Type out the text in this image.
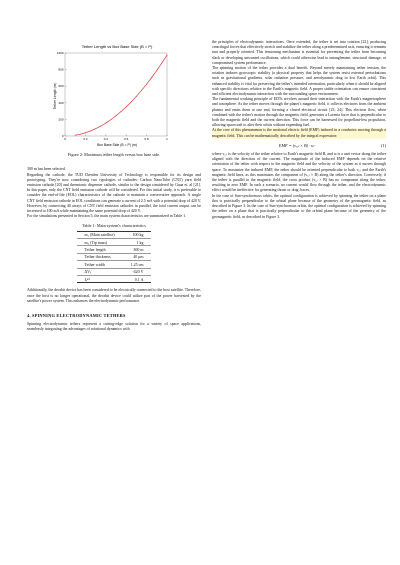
Tether Length vs Box Base Side (B = P)
Box Base Side (B = P) (m)
Tether Length (m)
0	0.2	0.4	0.6	0.8	1
0
200
400
600
800
1000
Figure 2: Maximum tether length versus box base side.

300 m has been selected.

Regarding the cathode, the TUD Dresden University of Technology is responsible for its design and prototyping. They're now considering two typologies of cathodes: Carbon NanoTube (CNT) yarn field emission cathode [20] and thermionic dispenser cathode, similar to the design considered by Gaua et. al [21]. In this paper, only the CNT field emission cathode will be considered. For this initial study, it is preferable to consider the end-of-life (EOL) characteristics of the cathode to maintain a conservative approach. A single CNT field emission cathode in EOL conditions can generate a current of 2.5 mA with a potential drop of 420 V. However, by connecting 40 arrays of CNT field emission cathodes in parallel, the total current output can be increased to 100 mA while maintaining the same potential drop of 420 V.

For the simulations presented in Section 5, the main system characteristics are summarized in Table 1.

Table 1: Main system's characteristics
m₁ (Main satellite)	100 kg
m₂ (Tip mass)	1 kg
Tether length	300 m
Tether thickness	40 μm
Tether width	1.25 cm
ΔVₜ	-420 V
Iₑᵐⁱᵗ	0.1 A

Additionally, the deorbit device has been considered to be electrically connected to the host satellite. Therefore, once the host is no longer operational, the deorbit device could utilize part of the power harvested by the satellite's power system. This enhances the electrodynamic performance.

4. SPINNING ELECTRODYNAMIC TETHERS

Spinning electrodynamic tethers represent a cutting-edge solution for a variety of space applications, seamlessly integrating the advantages of rotational dynamics with

the principles of electrodynamic interactions. Once extended, the tether is set into rotation [22], producing centrifugal forces that effectively stretch and stabilize the tether along a predetermined axis, ensuring it remains taut and properly oriented. This tensioning mechanism is essential for preventing the tether from becoming slack or developing unwanted oscillations, which could otherwise lead to entanglement, structural damage, or compromised system performance.

The spinning motion of the tether provides a dual benefit. Beyond merely maintaining tether tension, the rotation induces gyroscopic stability (a physical property that helps the system resist external perturbations such as gravitational gradients, solar radiation pressure, and aerodynamic drag in low Earth orbit). This enhanced stability is vital for preserving the tether's intended orientation, particularly when it should be aligned with specific directions relative to the Earth's magnetic field. A proper stable orientation can ensure consistent and efficient electrodynamic interaction with the surrounding space environment.

The fundamental working principle of EDTs revolves around their interaction with the Earth's magnetosphere and ionosphere. As the tether moves through the planet's magnetic field, it collects electrons from the ambient plasma and emits them at one end, forming a closed electrical circuit [23, 24]. This electron flow, when combined with the tether's motion through the magnetic field, generates a Lorentz force that is perpendicular to both the magnetic field and the current direction. This force can be harnessed for propellant-less propulsion, allowing spacecraft to alter their orbits without expending fuel.

At the core of this phenomenon is the motional electric field (EMF) induced in a conductor moving through a magnetic field. This can be mathematically described by the integral expression:

EMF = (vᵣₑₗ × B) · uₗ	(1)

where vᵣₑₗ is the velocity of the tether relative to Earth's magnetic field B, and uₗ is a unit vector along the tether aligned with the direction of the current. The magnitude of the induced EMF depends on the relative orientation of the tether with respect to the magnetic field and the velocity of the system as it moves through space. To maximize the induced EMF, the tether should be oriented perpendicular to both vᵣₑₗ and the Earth's magnetic field lines, as this maximizes the component of (vᵣₑₗ × B) along the tether's direction. Conversely, if the tether is parallel to the magnetic field, the cross product (vᵣₑₗ × B) has no component along the tether, resulting in zero EMF. In such a scenario, no current would flow through the tether, and the electrodynamic effect would be ineffective for generating thrust or drag forces.

In the case of Sun-synchronous orbits, the optimal configuration is achieved by spinning the tether on a plane that is practically perpendicular to the orbital plane because of the geometry of the geomagnetic field, as described in Figure 3. In the case of Sun-synchronous orbits, the optimal configuration is achieved by spinning the tether on a plane that is practically perpendicular to the orbital plane because of the geometry of the geomagnetic field, as described in Figure 3.
